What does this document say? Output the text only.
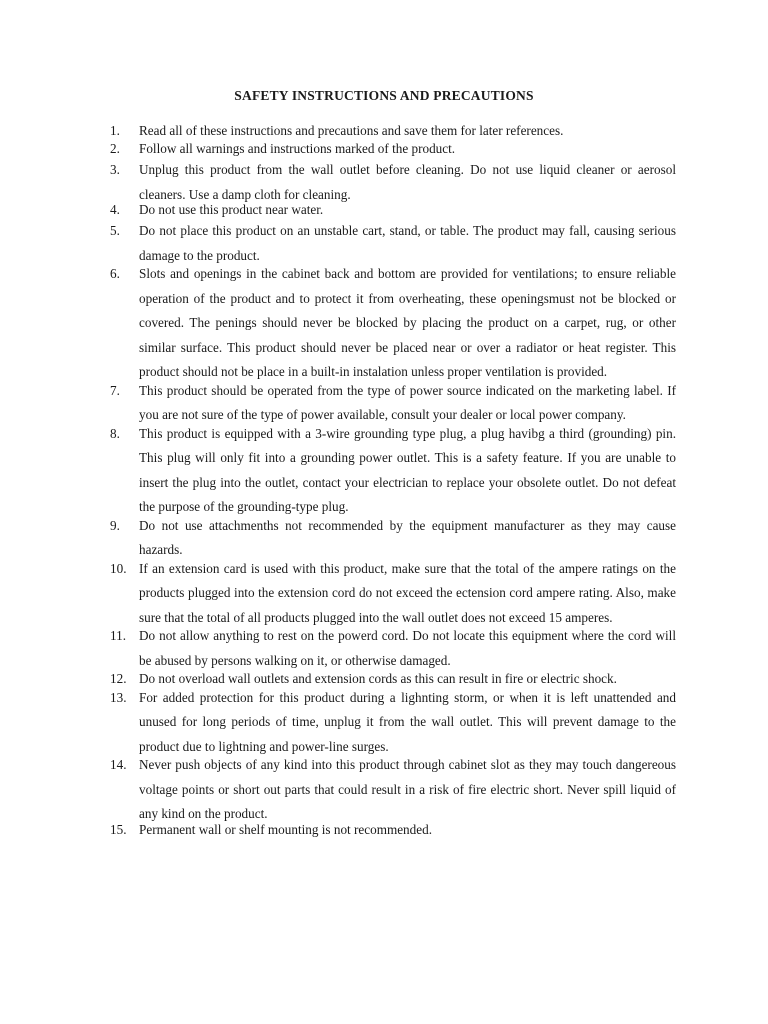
SAFETY INSTRUCTIONS AND PRECAUTIONS
1.	Read all of these instructions and precautions and save them for later references.
2.	Follow all warnings and instructions marked of the product.
3.	Unplug this product from the wall outlet before cleaning. Do not use liquid cleaner or aerosol cleaners. Use a damp cloth for cleaning.
4.	Do not use this product near water.
5.	Do not place this product on an unstable cart, stand, or table. The product may fall, causing serious damage to the product.
6.	Slots and openings in the cabinet back and bottom are provided for ventilations; to ensure reliable operation of the product and to protect it from overheating, these openingsmust not be blocked or covered. The penings should never be blocked by placing the product on a carpet, rug, or other similar surface. This product should never be placed near or over a radiator or heat register. This product should not be place in a built-in instalation unless proper ventilation is provided.
7.	This product should be operated from the type of power source indicated on the marketing label. If you are not sure of the type of power available, consult your dealer or local power company.
8.	This product is equipped with a 3-wire grounding type plug, a plug havibg a third (grounding) pin. This plug will only fit into a grounding power outlet. This is a safety feature. If you are unable to insert the plug into the outlet, contact your electrician to replace your obsolete outlet. Do not defeat the purpose of the grounding-type plug.
9.	Do not use attachmenths not recommended by the equipment manufacturer as they may cause hazards.
10. If an extension card is used with this product, make sure that the total of the ampere ratings on the products plugged into the extension cord do not exceed the ectension cord ampere rating. Also, make sure that the total of all products plugged into the wall outlet does not exceed 15 amperes.
11. Do not allow anything to rest on the powerd cord. Do not locate this equipment where the cord will be abused by persons walking on it, or otherwise damaged.
12. Do not overload wall outlets and extension cords as this can result in fire or electric shock.
13. For added protection for this product during a lighnting storm, or when it is left unattended and unused for long periods of time, unplug it from the wall outlet. This will prevent damage to the product due to lightning and power-line surges.
14. Never push objects of any kind into this product through cabinet slot as they may touch dangereous voltage points or short out parts that could result in a risk of fire electric short. Never spill liquid of any kind on the product.
15. Permanent wall or shelf mounting is not recommended.
